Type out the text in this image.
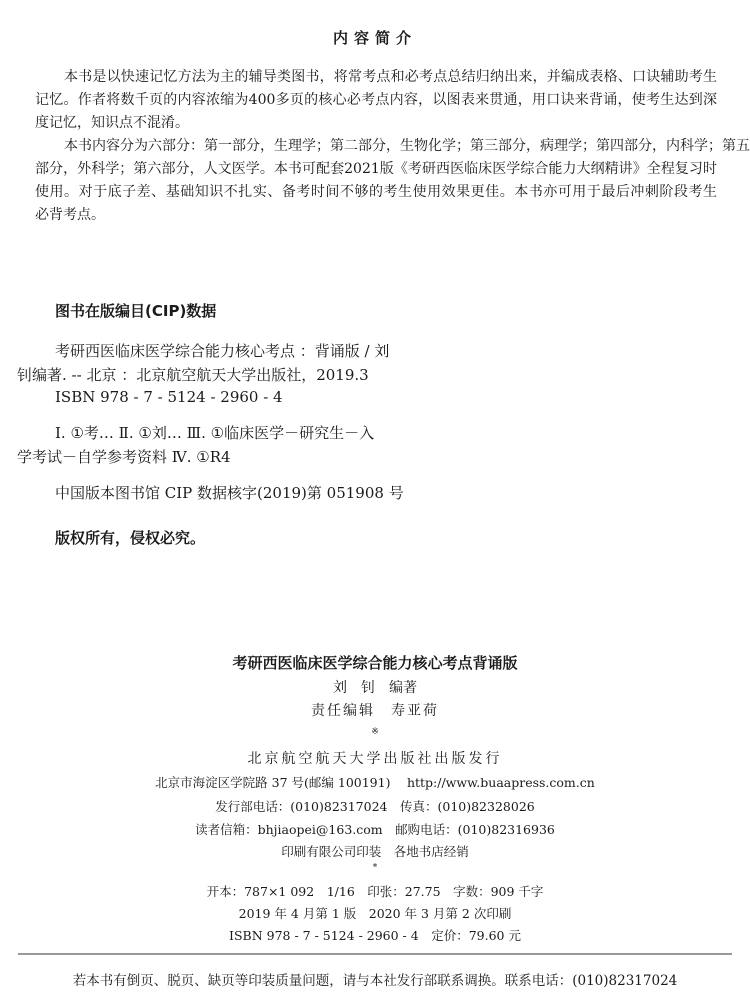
内容简介
本书是以快速记忆方法为主的辅导类图书，将常考点和必考点总结归纳出来，并编成表格、口诀辅助考生
记忆。作者将数千页的内容浓缩为400多页的核心必考点内容，以图表来贯通，用口诀来背诵，使考生达到深
度记忆，知识点不混淆。
本书内容分为六部分：第一部分，生理学；第二部分，生物化学；第三部分，病理学；第四部分，内科学；第五
部分，外科学；第六部分，人文医学。本书可配套2021版《考研西医临床医学综合能力大纲精讲》全程复习时
使用。对于底子差、基础知识不扎实、备考时间不够的考生使用效果更佳。本书亦可用于最后冲刺阶段考生
必背考点。
图书在版编目(CIP)数据
考研西医临床医学综合能力核心考点 ：背诵版 / 刘
钊编著. -- 北京 ：北京航空航天大学出版社，2019.3
ISBN 978 - 7 - 5124 - 2960 - 4
Ⅰ. ①考… Ⅱ. ①刘… Ⅲ. ①临床医学－研究生－入
学考试－自学参考资料 Ⅳ. ①R4
中国版本图书馆 CIP 数据核字(2019)第 051908 号
版权所有，侵权必究。
考研西医临床医学综合能力核心考点背诵版
刘　钊　编著
责任编辑　寿亚荷
※
北京航空航天大学出版社出版发行
北京市海淀区学院路 37 号(邮编 100191)　 http://www.buaapress.com.cn
发行部电话：(010)82317024　传真：(010)82328026
读者信箱：bhjiaopei@163.com　邮购电话：(010)82316936
印刷有限公司印装　各地书店经销
*
开本：787×1 092　1/16　印张：27.75　字数：909 千字
2019 年 4 月第 1 版　2020 年 3 月第 2 次印刷
ISBN 978 - 7 - 5124 - 2960 - 4　定价：79.60 元
若本书有倒页、脱页、缺页等印装质量问题，请与本社发行部联系调换。联系电话：(010)82317024
